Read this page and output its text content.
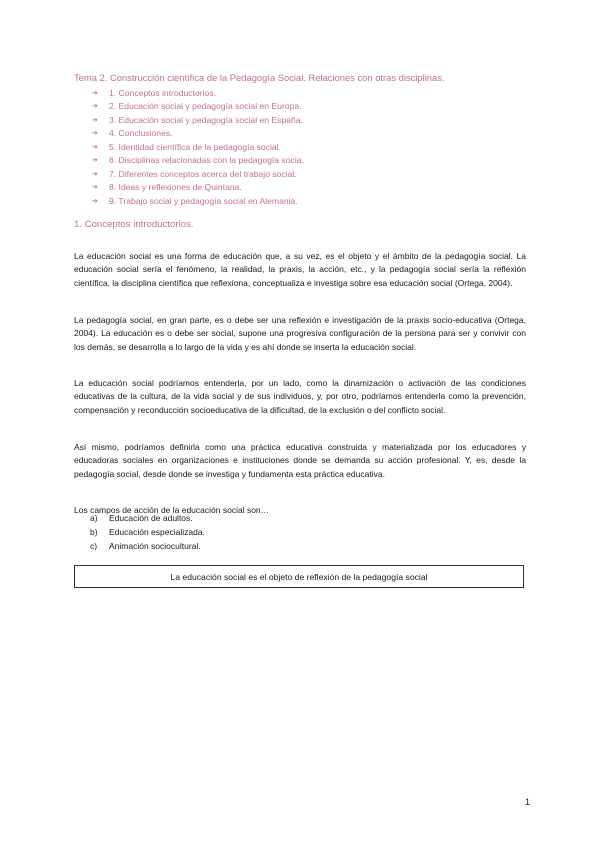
Tema 2. Construcción científica de la Pedagogía Social. Relaciones con otras disciplinas.
➔	1. Conceptos introductorios.
➔	2. Educación social y pedagogía social en Europa.
➔	3. Educación social y pedagogía social en España.
➔	4. Conclusiones.
➔	5. Identidad científica de la pedagogía social.
➔	6. Disciplinas relacionadas con la pedagogía socia.
➔	7. Diferentes conceptos acerca del trabajo social.
➔	8. Ideas y reflexiones de Quintana.
➔	9. Trabajo social y pedagogía social en Alemania.
1. Conceptos introductorios.

La educación social es una forma de educación que, a su vez, es el objeto y el ámbito de la pedagogía social. La educación social sería el fenómeno, la realidad, la praxis, la acción, etc., y la pedagogía social sería la reflexión científica, la disciplina científica que reflexiona, conceptualiza e investiga sobre esa educación social (Ortega, 2004).

La pedagogía social, en gran parte, es o debe ser una reflexión e investigación de la praxis socio-educativa (Ortega, 2004). La educación es o debe ser social, supone una progresiva configuración de la persona para ser y convivir con los demás, se desarrolla a lo largo de la vida y es ahí donde se inserta la educación social.

La educación social podríamos entenderla, por un lado, como la dinamización o activación de las condiciones educativas de la cultura, de la vida social y de sus individuos, y, por otro, podríamos entenderla como la prevención, compensación y reconducción socioeducativa de la dificultad, de la exclusión o del conflicto social.

Así mismo, podríamos definirla como una práctica educativa construida y materializada por los educadores y educadoras sociales en organizaciones e instituciones donde se demanda su acción profesional. Y, es, desde la pedagogía social, desde donde se investiga y fundamenta esta práctica educativa.

Los campos de acción de la educación social son…

a)	Educación de adultos.
b)	Educación especializada.
c)	Animación sociocultural.
La educación social es el objeto de reflexión de la pedagogía social
1
